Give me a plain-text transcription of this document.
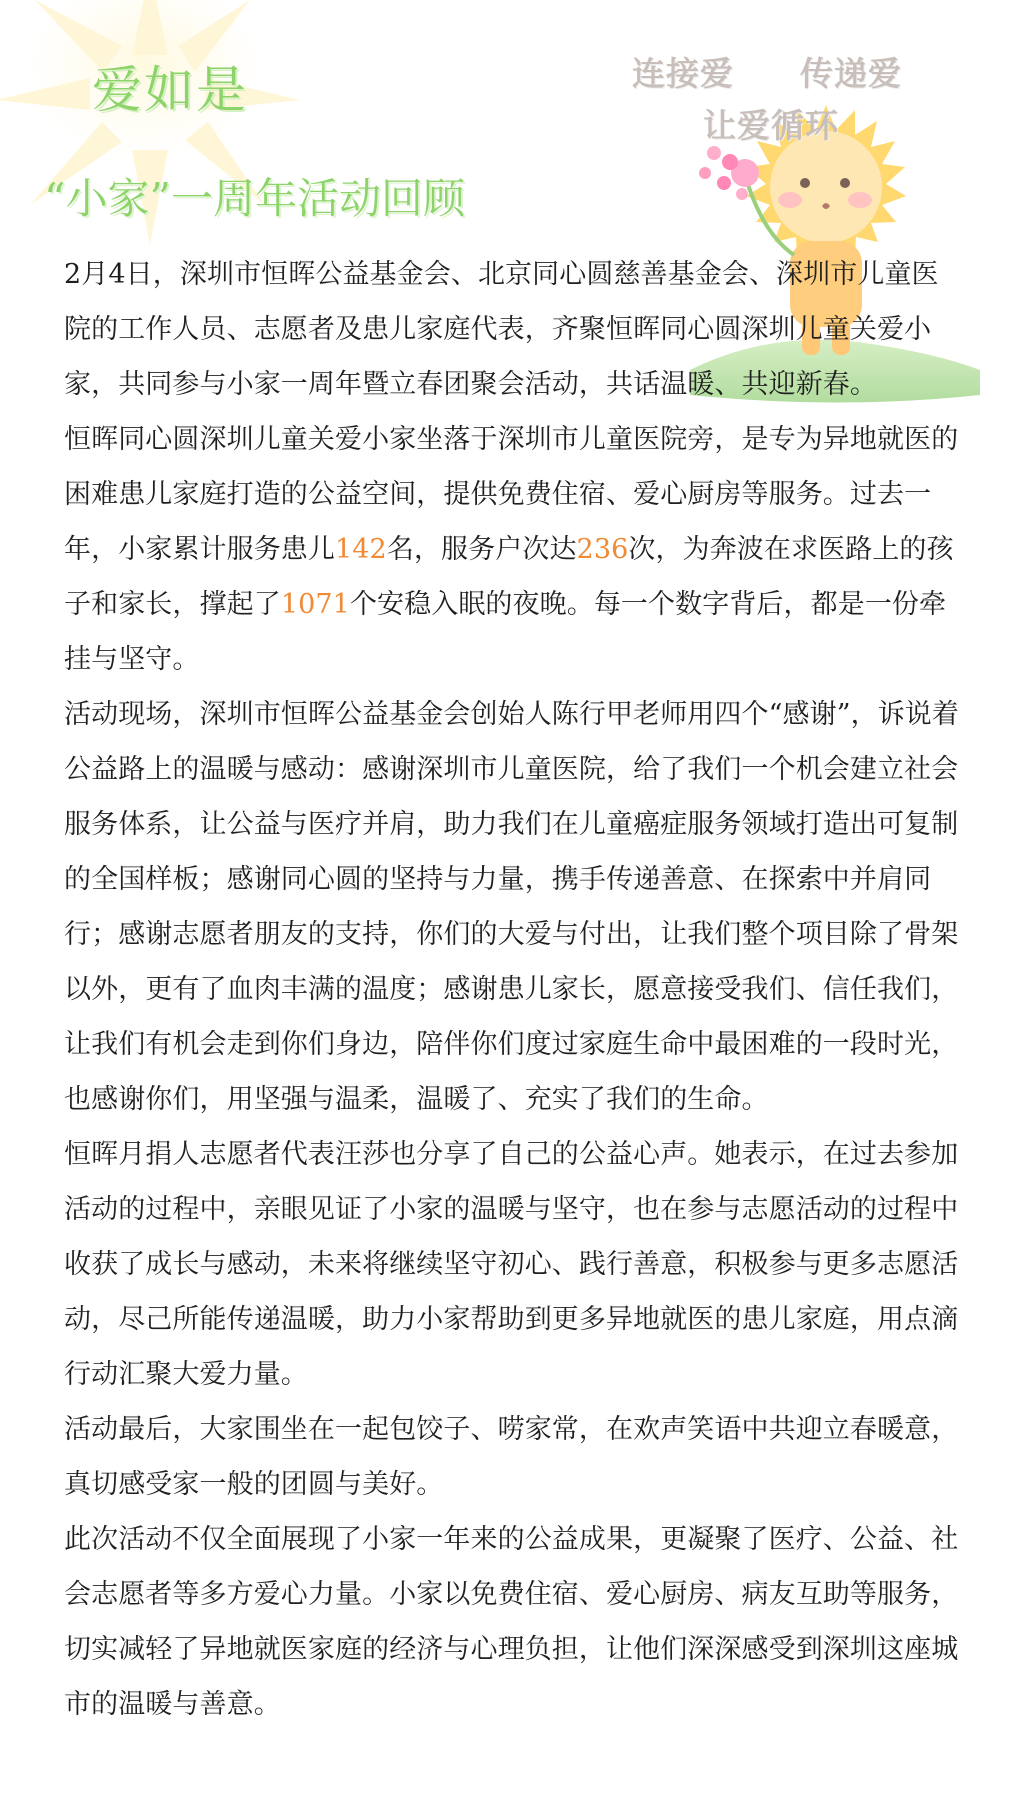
爱如是	连接爱 传递爱
让爱循环
“小家”一周年活动回顾

2月4日，深圳市恒晖公益基金会、北京同心圆慈善基金会、深圳市儿童医院的工作人员、志愿者及患儿家庭代表，齐聚恒晖同心圆深圳儿童关爱小家，共同参与小家一周年暨立春团聚会活动，共话温暖、共迎新春。

恒晖同心圆深圳儿童关爱小家坐落于深圳市儿童医院旁，是专为异地就医的困难患儿家庭打造的公益空间，提供免费住宿、爱心厨房等服务。过去一年，小家累计服务患儿142名，服务户次达236次，为奔波在求医路上的孩子和家长，撑起了1071个安稳入眠的夜晚。每一个数字背后，都是一份牵挂与坚守。

活动现场，深圳市恒晖公益基金会创始人陈行甲老师用四个“感谢”，诉说着公益路上的温暖与感动：感谢深圳市儿童医院，给了我们一个机会建立社会服务体系，让公益与医疗并肩，助力我们在儿童癌症服务领域打造出可复制的全国样板；感谢同心圆的坚持与力量，携手传递善意、在探索中并肩同行；感谢志愿者朋友的支持，你们的大爱与付出，让我们整个项目除了骨架以外，更有了血肉丰满的温度；感谢患儿家长，愿意接受我们、信任我们，让我们有机会走到你们身边，陪伴你们度过家庭生命中最困难的一段时光，也感谢你们，用坚强与温柔，温暖了、充实了我们的生命。

恒晖月捐人志愿者代表汪莎也分享了自己的公益心声。她表示，在过去参加活动的过程中，亲眼见证了小家的温暖与坚守，也在参与志愿活动的过程中收获了成长与感动，未来将继续坚守初心、践行善意，积极参与更多志愿活动，尽己所能传递温暖，助力小家帮助到更多异地就医的患儿家庭，用点滴行动汇聚大爱力量。

活动最后，大家围坐在一起包饺子、唠家常，在欢声笑语中共迎立春暖意，真切感受家一般的团圆与美好。

此次活动不仅全面展现了小家一年来的公益成果，更凝聚了医疗、公益、社会志愿者等多方爱心力量。小家以免费住宿、爱心厨房、病友互助等服务，切实减轻了异地就医家庭的经济与心理负担，让他们深深感受到深圳这座城市的温暖与善意。
